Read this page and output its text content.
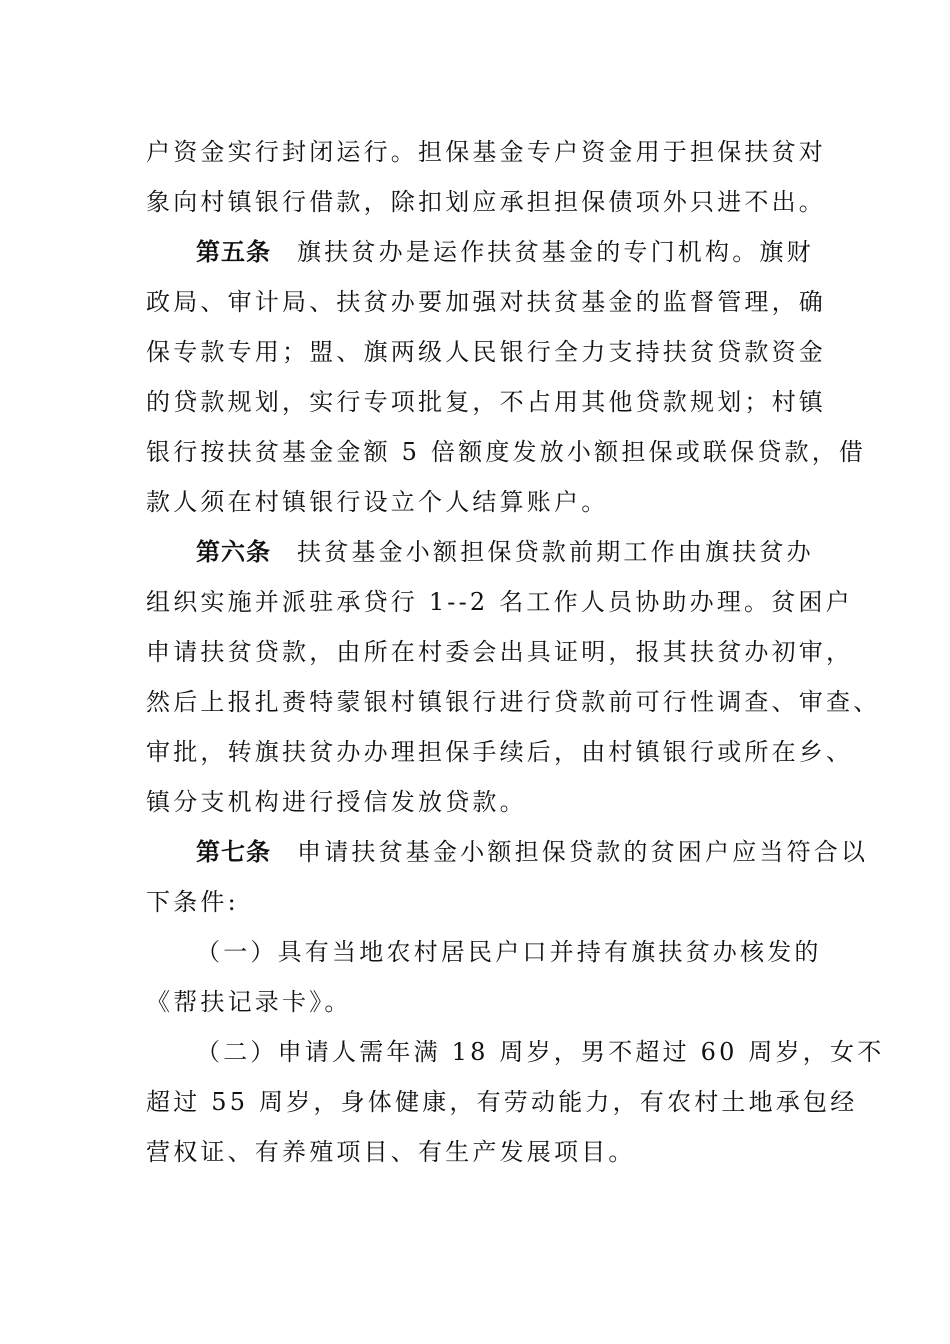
户资金实行封闭运行。担保基金专户资金用于担保扶贫对
象向村镇银行借款，除扣划应承担担保债项外只进不出。
第五条 旗扶贫办是运作扶贫基金的专门机构。旗财
政局、审计局、扶贫办要加强对扶贫基金的监督管理，确
保专款专用；盟、旗两级人民银行全力支持扶贫贷款资金
的贷款规划，实行专项批复，不占用其他贷款规划；村镇
银行按扶贫基金金额 5 倍额度发放小额担保或联保贷款，借
款人须在村镇银行设立个人结算账户。
第六条 扶贫基金小额担保贷款前期工作由旗扶贫办
组织实施并派驻承贷行 1--2 名工作人员协助办理。贫困户
申请扶贫贷款，由所在村委会出具证明，报其扶贫办初审，
然后上报扎赉特蒙银村镇银行进行贷款前可行性调查、审查、
审批，转旗扶贫办办理担保手续后，由村镇银行或所在乡、
镇分支机构进行授信发放贷款。
第七条 申请扶贫基金小额担保贷款的贫困户应当符合以
下条件:
（一）具有当地农村居民户口并持有旗扶贫办核发的
《帮扶记录卡》。
（二）申请人需年满 18 周岁，男不超过 60 周岁，女不
超过 55 周岁，身体健康，有劳动能力，有农村土地承包经
营权证、有养殖项目、有生产发展项目。
